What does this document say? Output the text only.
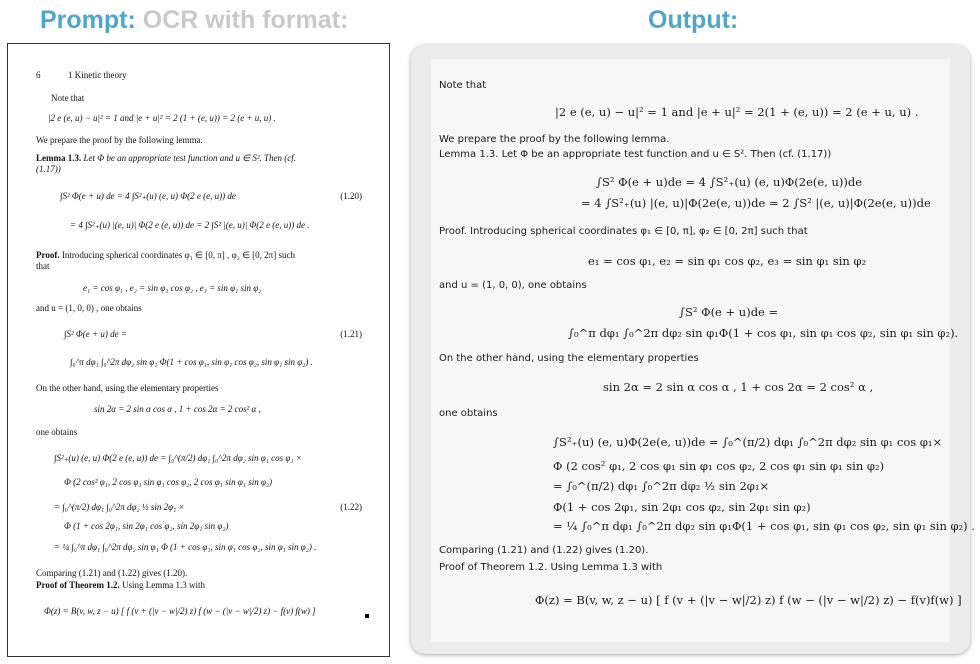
Prompt: OCR with format:	Output:
6	1 Kinetic theory
Note that
|2 e (e, u) − u|² = 1 and |e + u|² = 2 (1 + (e, u)) = 2 (e + u, u) .
We prepare the proof by the following lemma.
Lemma 1.3. Let Φ be an appropriate test function and u ∈ S². Then (cf.
(1.17))
∫S² Φ(e + u) de = 4 ∫S²₊(u) (e, u) Φ(2 e (e, u)) de	(1.20)
= 4 ∫S²₊(u) |(e, u)| Φ(2 e (e, u)) de = 2 ∫S² |(e, u)| Φ(2 e (e, u)) de .
Proof. Introducing spherical coordinates φ₁ ∈ [0, π] , φ₂ ∈ [0, 2π] such
that
e₁ = cos φ₁ , e₂ = sin φ₁ cos φ₂ , e₃ = sin φ₁ sin φ₂
and u = (1, 0, 0) , one obtains
∫S² Φ(e + u) de =	(1.21)
∫₀^π dφ₁ ∫₀^2π dφ₂ sin φ₁ Φ(1 + cos φ₁, sin φ₁ cos φ₂, sin φ₁ sin φ₂) .
On the other hand, using the elementary properties
sin 2α = 2 sin α cos α , 1 + cos 2α = 2 cos² α ,
one obtains
∫S²₊(u) (e, u) Φ(2 e (e, u)) de = ∫₀^(π/2) dφ₁ ∫₀^2π dφ₂ sin φ₁ cos φ₁ ×
Φ (2 cos² φ₁, 2 cos φ₁ sin φ₁ cos φ₂, 2 cos φ₁ sin φ₁ sin φ₂)
= ∫₀^(π/2) dφ₁ ∫₀^2π dφ₂ ½ sin 2φ₁ ×	(1.22)
Φ (1 + cos 2φ₁, sin 2φ₁ cos φ₂, sin 2φ₁ sin φ₂)
= ¼ ∫₀^π dφ₁ ∫₀^2π dφ₂ sin φ₁ Φ (1 + cos φ₁, sin φ₁ cos φ₂, sin φ₁ sin φ₂) .
Comparing (1.21) and (1.22) gives (1.20).
Proof of Theorem 1.2. Using Lemma 1.3 with
Φ(z) = B(v, w, z − u) [ f (v + (|v − w|/2) z) f (w − (|v − w|/2) z) − f(v) f(w) ]
Note that
|2 e (e, u) − u|² = 1 and |e + u|² = 2(1 + (e, u)) = 2 (e + u, u) .
We prepare the proof by the following lemma.
Lemma 1.3. Let Φ be an appropriate test function and u ∈ S². Then (cf. (1.17))
∫S² Φ(e + u)de = 4 ∫S²₊(u) (e, u)Φ(2e(e, u))de
= 4 ∫S²₊(u) |(e, u)|Φ(2e(e, u))de = 2 ∫S² |(e, u)|Φ(2e(e, u))de
Proof. Introducing spherical coordinates φ₁ ∈ [0, π], φ₂ ∈ [0, 2π] such that
e₁ = cos φ₁, e₂ = sin φ₁ cos φ₂, e₃ = sin φ₁ sin φ₂
and u = (1, 0, 0), one obtains
∫S² Φ(e + u)de =
∫₀^π dφ₁ ∫₀^2π dφ₂ sin φ₁Φ(1 + cos φ₁, sin φ₁ cos φ₂, sin φ₁ sin φ₂).
On the other hand, using the elementary properties
sin 2α = 2 sin α cos α , 1 + cos 2α = 2 cos² α ,
one obtains
∫S²₊(u) (e, u)Φ(2e(e, u))de = ∫₀^(π/2) dφ₁ ∫₀^2π dφ₂ sin φ₁ cos φ₁×
Φ (2 cos² φ₁, 2 cos φ₁ sin φ₁ cos φ₂, 2 cos φ₁ sin φ₁ sin φ₂)
= ∫₀^(π/2) dφ₁ ∫₀^2π dφ₂ ½ sin 2φ₁×
Φ(1 + cos 2φ₁, sin 2φ₁ cos φ₂, sin 2φ₁ sin φ₂)
= ¼ ∫₀^π dφ₁ ∫₀^2π dφ₂ sin φ₁Φ(1 + cos φ₁, sin φ₁ cos φ₂, sin φ₁ sin φ₂) .
Comparing (1.21) and (1.22) gives (1.20).
Proof of Theorem 1.2. Using Lemma 1.3 with
Φ(z) = B(v, w, z − u) [ f (v + (|v − w|/2) z) f (w − (|v − w|/2) z) − f(v)f(w) ]
